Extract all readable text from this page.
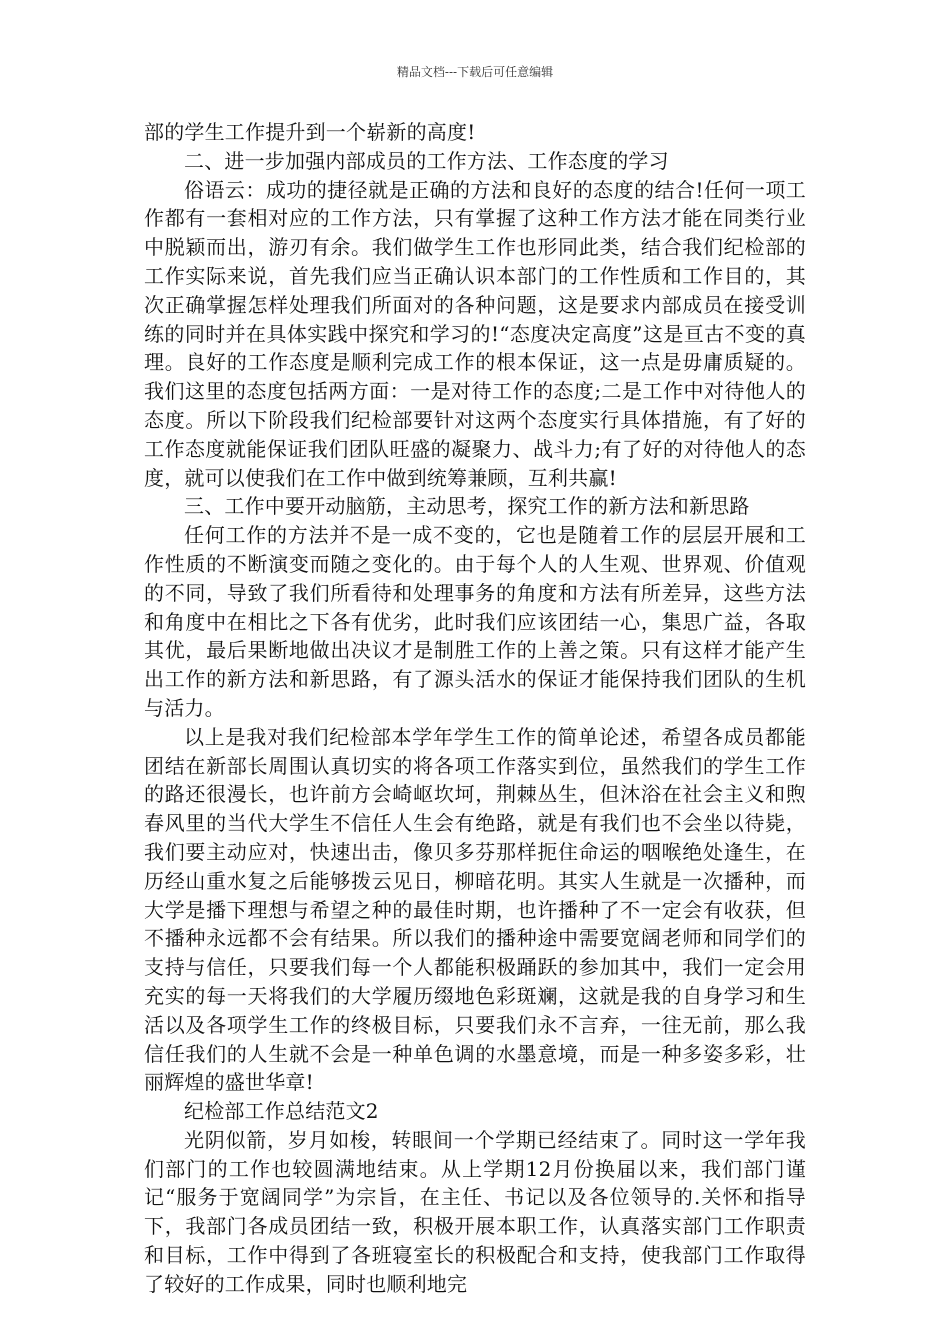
精品文档---下载后可任意编辑

部的学生工作提升到一个崭新的高度!

二、进一步加强内部成员的工作方法、工作态度的学习

俗语云：成功的捷径就是正确的方法和良好的态度的结合!任何一项工作都有一套相对应的工作方法，只有掌握了这种工作方法才能在同类行业中脱颖而出，游刃有余。我们做学生工作也形同此类，结合我们纪检部的工作实际来说，首先我们应当正确认识本部门的工作性质和工作目的，其次正确掌握怎样处理我们所面对的各种问题，这是要求内部成员在接受训练的同时并在具体实践中探究和学习的!“态度决定高度”这是亘古不变的真理。良好的工作态度是顺利完成工作的根本保证，这一点是毋庸质疑的。我们这里的态度包括两方面：一是对待工作的态度;二是工作中对待他人的态度。所以下阶段我们纪检部要针对这两个态度实行具体措施，有了好的工作态度就能保证我们团队旺盛的凝聚力、战斗力;有了好的对待他人的态度，就可以使我们在工作中做到统筹兼顾，互利共赢!

三、工作中要开动脑筋，主动思考，探究工作的新方法和新思路

任何工作的方法并不是一成不变的，它也是随着工作的层层开展和工作性质的不断演变而随之变化的。由于每个人的人生观、世界观、价值观的不同，导致了我们所看待和处理事务的角度和方法有所差异，这些方法和角度中在相比之下各有优劣，此时我们应该团结一心，集思广益，各取其优，最后果断地做出决议才是制胜工作的上善之策。只有这样才能产生出工作的新方法和新思路，有了源头活水的保证才能保持我们团队的生机与活力。

以上是我对我们纪检部本学年学生工作的简单论述，希望各成员都能团结在新部长周围认真切实的将各项工作落实到位，虽然我们的学生工作的路还很漫长，也许前方会崎岖坎坷，荆棘丛生，但沐浴在社会主义和煦春风里的当代大学生不信任人生会有绝路，就是有我们也不会坐以待毙，我们要主动应对，快速出击，像贝多芬那样扼住命运的咽喉绝处逢生，在历经山重水复之后能够拨云见日，柳暗花明。其实人生就是一次播种，而大学是播下理想与希望之种的最佳时期，也许播种了不一定会有收获，但不播种永远都不会有结果。所以我们的播种途中需要宽阔老师和同学们的支持与信任，只要我们每一个人都能积极踊跃的参加其中，我们一定会用充实的每一天将我们的大学履历缀地色彩斑斓，这就是我的自身学习和生活以及各项学生工作的终极目标，只要我们永不言弃，一往无前，那么我信任我们的人生就不会是一种单色调的水墨意境，而是一种多姿多彩，壮丽辉煌的盛世华章!

纪检部工作总结范文2

光阴似箭，岁月如梭，转眼间一个学期已经结束了。同时这一学年我们部门的工作也较圆满地结束。从上学期12月份换届以来，我们部门谨记“服务于宽阔同学”为宗旨，在主任、书记以及各位领导的.关怀和指导下，我部门各成员团结一致，积极开展本职工作，认真落实部门工作职责和目标，工作中得到了各班寝室长的积极配合和支持，使我部门工作取得了较好的工作成果，同时也顺利地完
